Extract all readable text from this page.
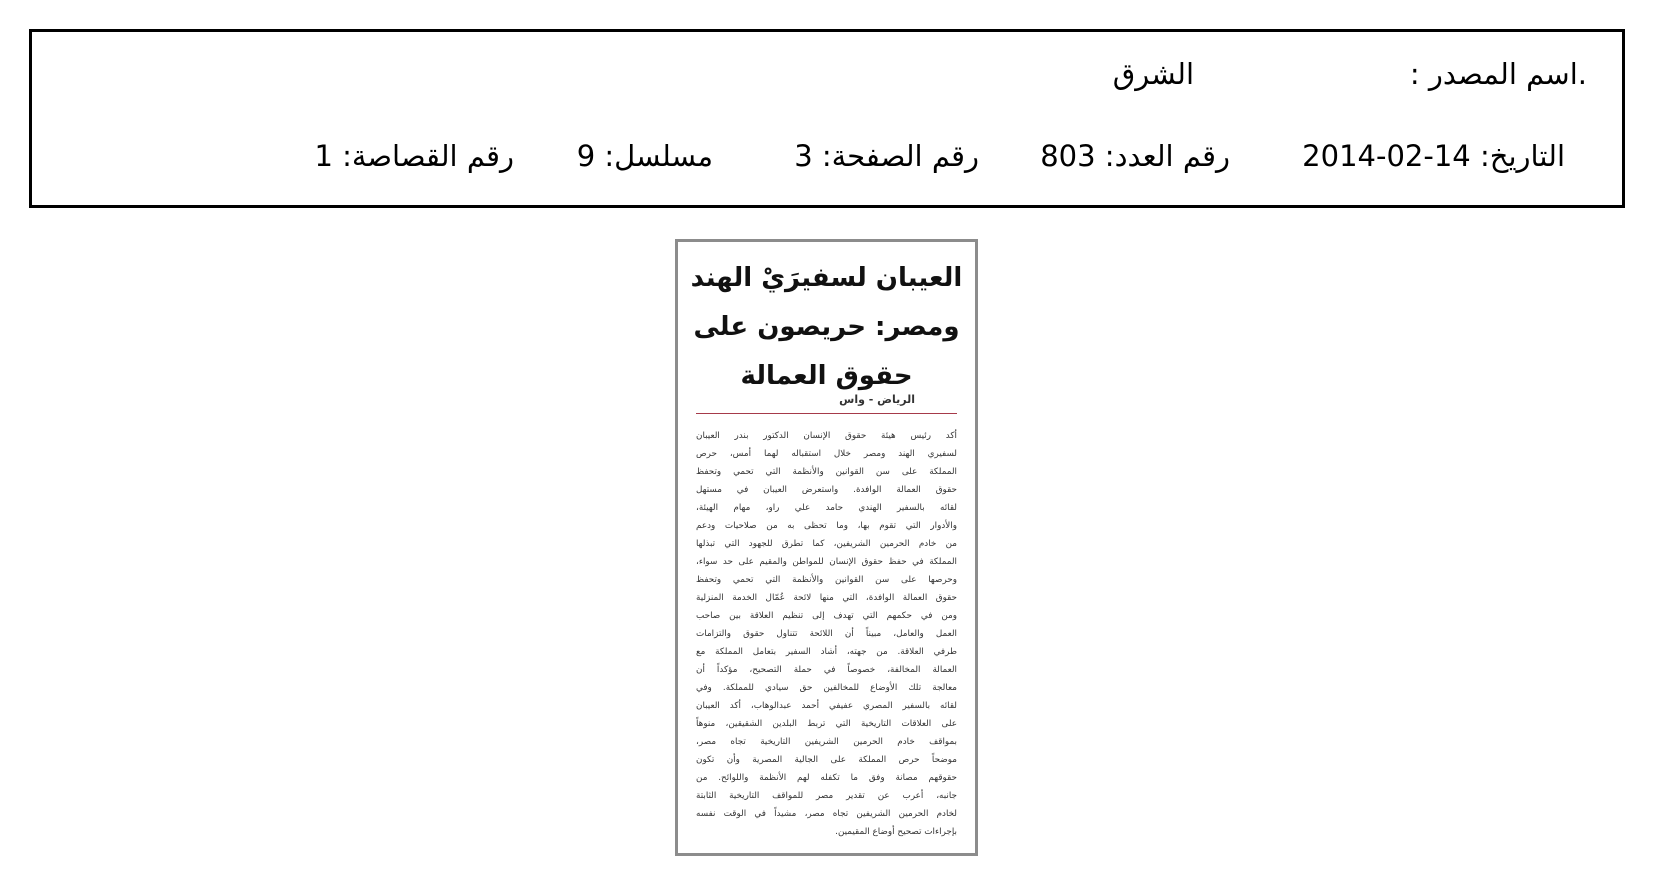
.اسم المصدر :
الشرق
التاريخ: 14-02-2014
رقم العدد: 803
رقم الصفحة: 3
مسلسل: 9
رقم القصاصة: 1
العيبان لسفيرَيْ الهند
ومصر: حريصون على
حقوق العمالة
الرياض - واس
أكد رئيس هيئة حقوق الإنسان الدكتور بندر العيبان
لسفيري الهند ومصر خلال استقباله لهما أمس، حرص
المملكة على سن القوانين والأنظمة التي تحمي وتحفظ
حقوق العمالة الوافدة. واستعرض العيبان في مستهل
لقائه بالسفير الهندي حامد علي راو، مهام الهيئة،
والأدوار التي تقوم بها، وما تحظى به من صلاحيات ودعم
من خادم الحرمين الشريفين، كما تطرق للجهود التي تبذلها
المملكة في حفظ حقوق الإنسان للمواطن والمقيم على حد سواء،
وحرصها على سن القوانين والأنظمة التي تحمي وتحفظ
حقوق العمالة الوافدة، التي منها لائحة عُمّال الخدمة المنزلية
ومن في حكمهم التي تهدف إلى تنظيم العلاقة بين صاحب
العمل والعامل، مبيناً أن اللائحة تتناول حقوق والتزامات
طرفي العلاقة. من جهته، أشاد السفير بتعامل المملكة مع
العمالة المخالفة، خصوصاً في حملة التصحيح، مؤكداً أن
معالجة تلك الأوضاع للمخالفين حق سيادي للمملكة. وفي
لقائه بالسفير المصري عفيفي أحمد عبدالوهاب، أكد العيبان
على العلاقات التاريخية التي تربط البلدين الشقيقين، منوهاً
بمواقف خادم الحرمين الشريفين التاريخية تجاه مصر،
موضحاً حرص المملكة على الجالية المصرية وأن تكون
حقوقهم مصانة وفق ما تكفله لهم الأنظمة واللوائح. من
جانبه، أعرب عن تقدير مصر للمواقف التاريخية الثابتة
لخادم الحرمين الشريفين تجاه مصر، مشيداً في الوقت نفسه
بإجراءات تصحيح أوضاع المقيمين.
